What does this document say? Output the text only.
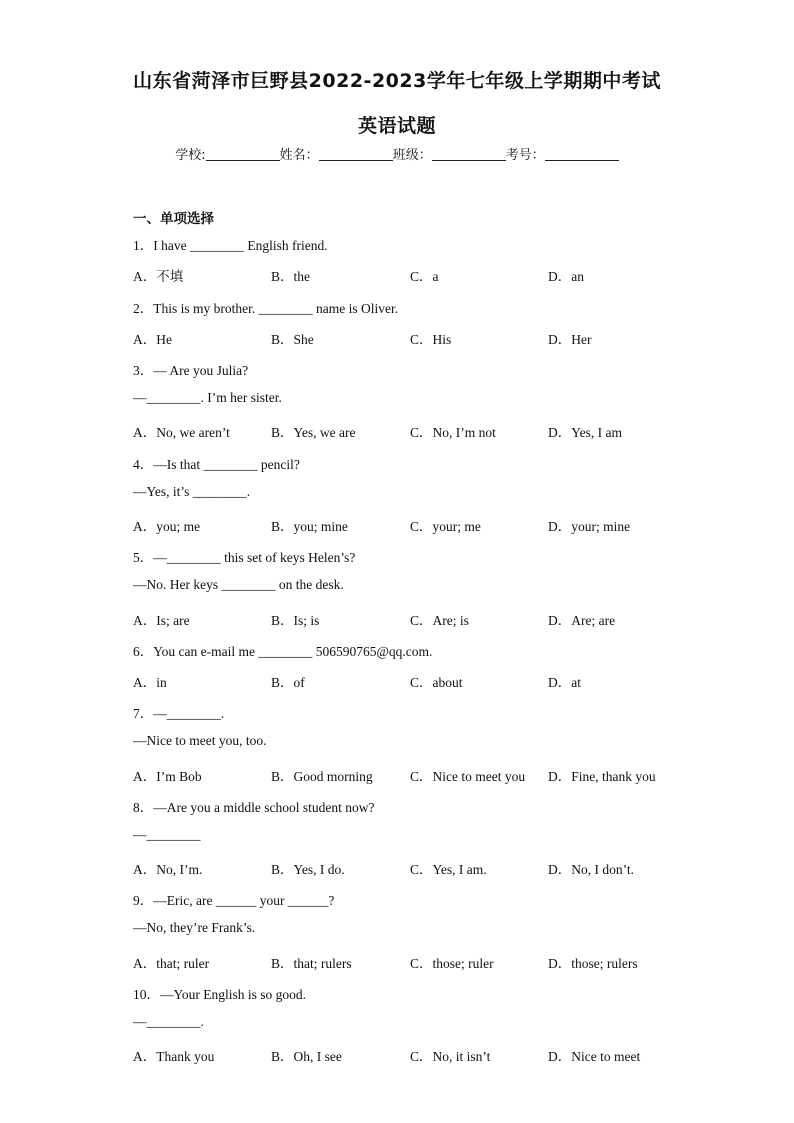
山东省菏泽市巨野县2022-2023学年七年级上学期期中考试
英语试题
学校:	姓名：	班级：	考号：
一、单项选择
1．I have ________ English friend.
A．不填	B．the	C．a	D．an
2．This is my brother. ________ name is Oliver.
A．He	B．She	C．His	D．Her
3．— Are you Julia?
—________. I’m her sister.
A．No, we aren’t	B．Yes, we are	C．No, I’m not	D．Yes, I am
4．—Is that ________ pencil?
—Yes, it’s ________.
A．you; me	B．you; mine	C．your; me	D．your; mine
5．—________ this set of keys Helen’s?
—No. Her keys ________ on the desk.
A．Is; are	B．Is; is	C．Are; is	D．Are; are
6．You can e-mail me ________ 506590765@qq.com.
A．in	B．of	C．about	D．at
7．—________.
—Nice to meet you, too.
A．I’m Bob	B．Good morning	C．Nice to meet you D．Fine, thank you
8．—Are you a middle school student now?
—________
A．No, I’m.	B．Yes, I do.	C．Yes, I am.	D．No, I don’t.
9．—Eric, are ______ your ______?
—No, they’re Frank’s.
A．that; ruler	B．that; rulers	C．those; ruler	D．those; rulers
10．—Your English is so good.
—________.
A．Thank you	B．Oh, I see	C．No, it isn’t	D．Nice to meet
